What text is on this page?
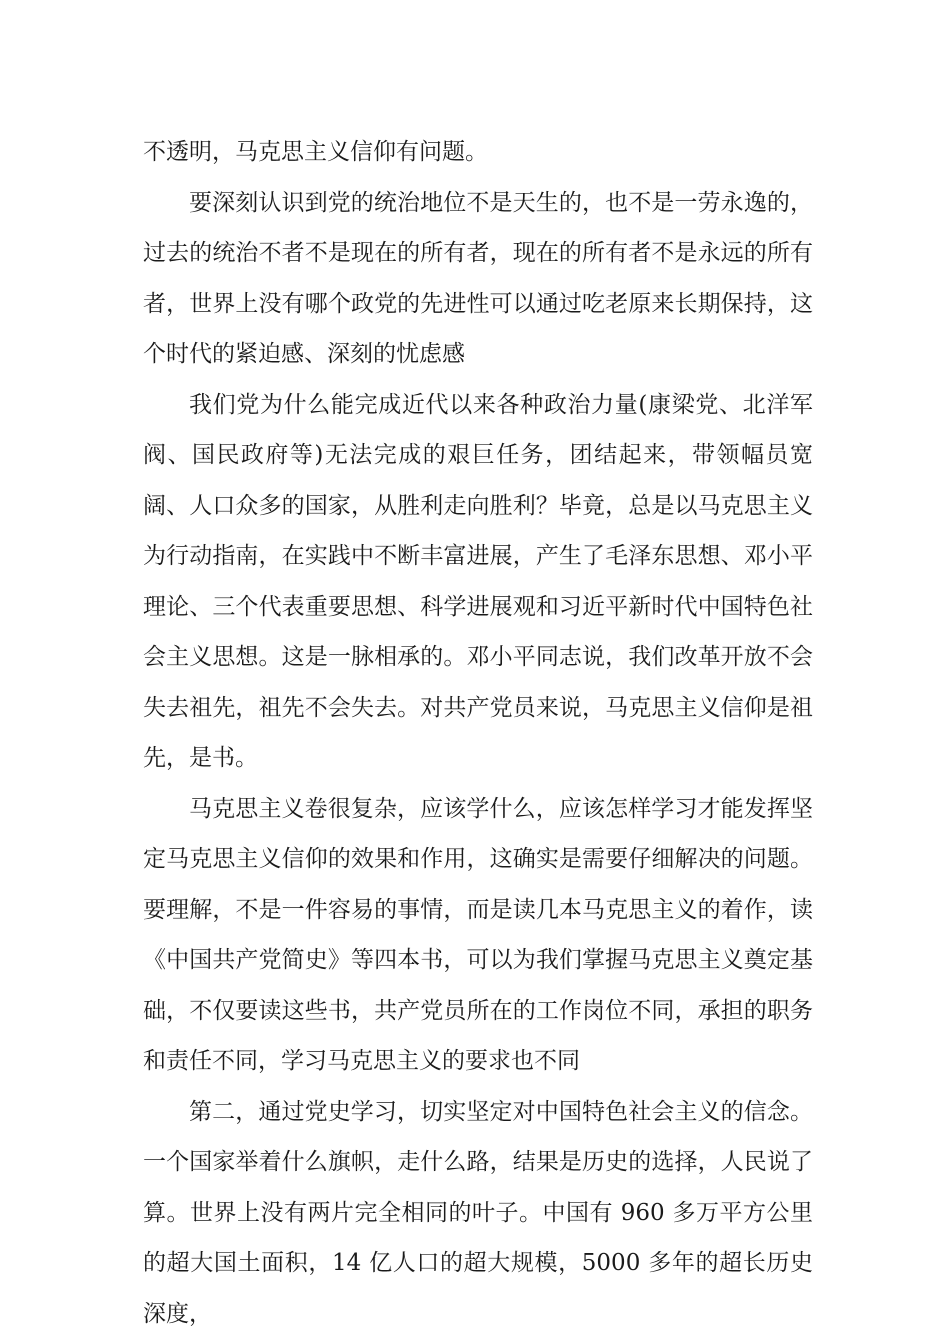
不透明，马克思主义信仰有问题。

要深刻认识到党的统治地位不是天生的，也不是一劳永逸的，过去的统治不者不是现在的所有者，现在的所有者不是永远的所有者，世界上没有哪个政党的先进性可以通过吃老原来长期保持，这个时代的紧迫感、深刻的忧虑感

我们党为什么能完成近代以来各种政治力量(康梁党、北洋军阀、国民政府等)无法完成的艰巨任务，团结起来，带领幅员宽阔、人口众多的国家，从胜利走向胜利？毕竟，总是以马克思主义为行动指南，在实践中不断丰富进展，产生了毛泽东思想、邓小平理论、三个代表重要思想、科学进展观和习近平新时代中国特色社会主义思想。这是一脉相承的。邓小平同志说，我们改革开放不会失去祖先，祖先不会失去。对共产党员来说，马克思主义信仰是祖先，是书。

马克思主义卷很复杂，应该学什么，应该怎样学习才能发挥坚定马克思主义信仰的效果和作用，这确实是需要仔细解决的问题。要理解，不是一件容易的事情，而是读几本马克思主义的着作，读《中国共产党简史》等四本书，可以为我们掌握马克思主义奠定基础，不仅要读这些书，共产党员所在的工作岗位不同，承担的职务和责任不同，学习马克思主义的要求也不同

第二，通过党史学习，切实坚定对中国特色社会主义的信念。一个国家举着什么旗帜，走什么路，结果是历史的选择，人民说了算。世界上没有两片完全相同的叶子。中国有 960 多万平方公里的超大国土面积，14 亿人口的超大规模，5000 多年的超长历史深度，
